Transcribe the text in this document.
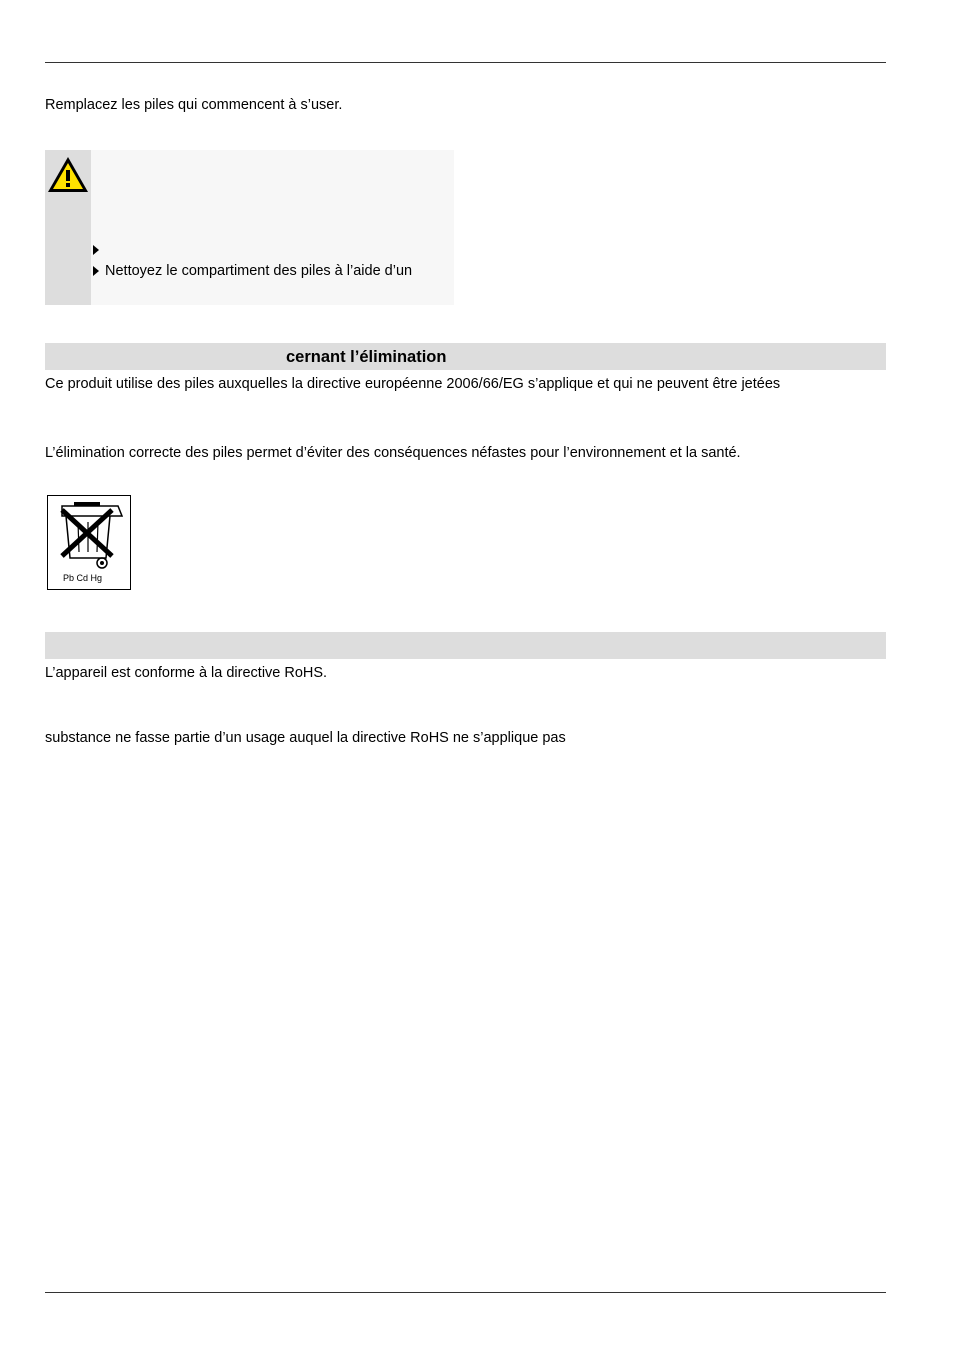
Remplacez les piles qui commencent à s’user.
Nettoyez le compartiment des piles à l’aide d’un
cernant l’élimination
Ce produit utilise des piles auxquelles la directive européenne 2006/66/EG s’applique et qui ne peuvent être jetées
L’élimination correcte des piles permet d’éviter des conséquences néfastes pour l’environnement et la santé.
Pb Cd Hg
L’appareil est conforme à la directive RoHS.
substance ne fasse partie d’un usage auquel la directive RoHS ne s’applique pas
